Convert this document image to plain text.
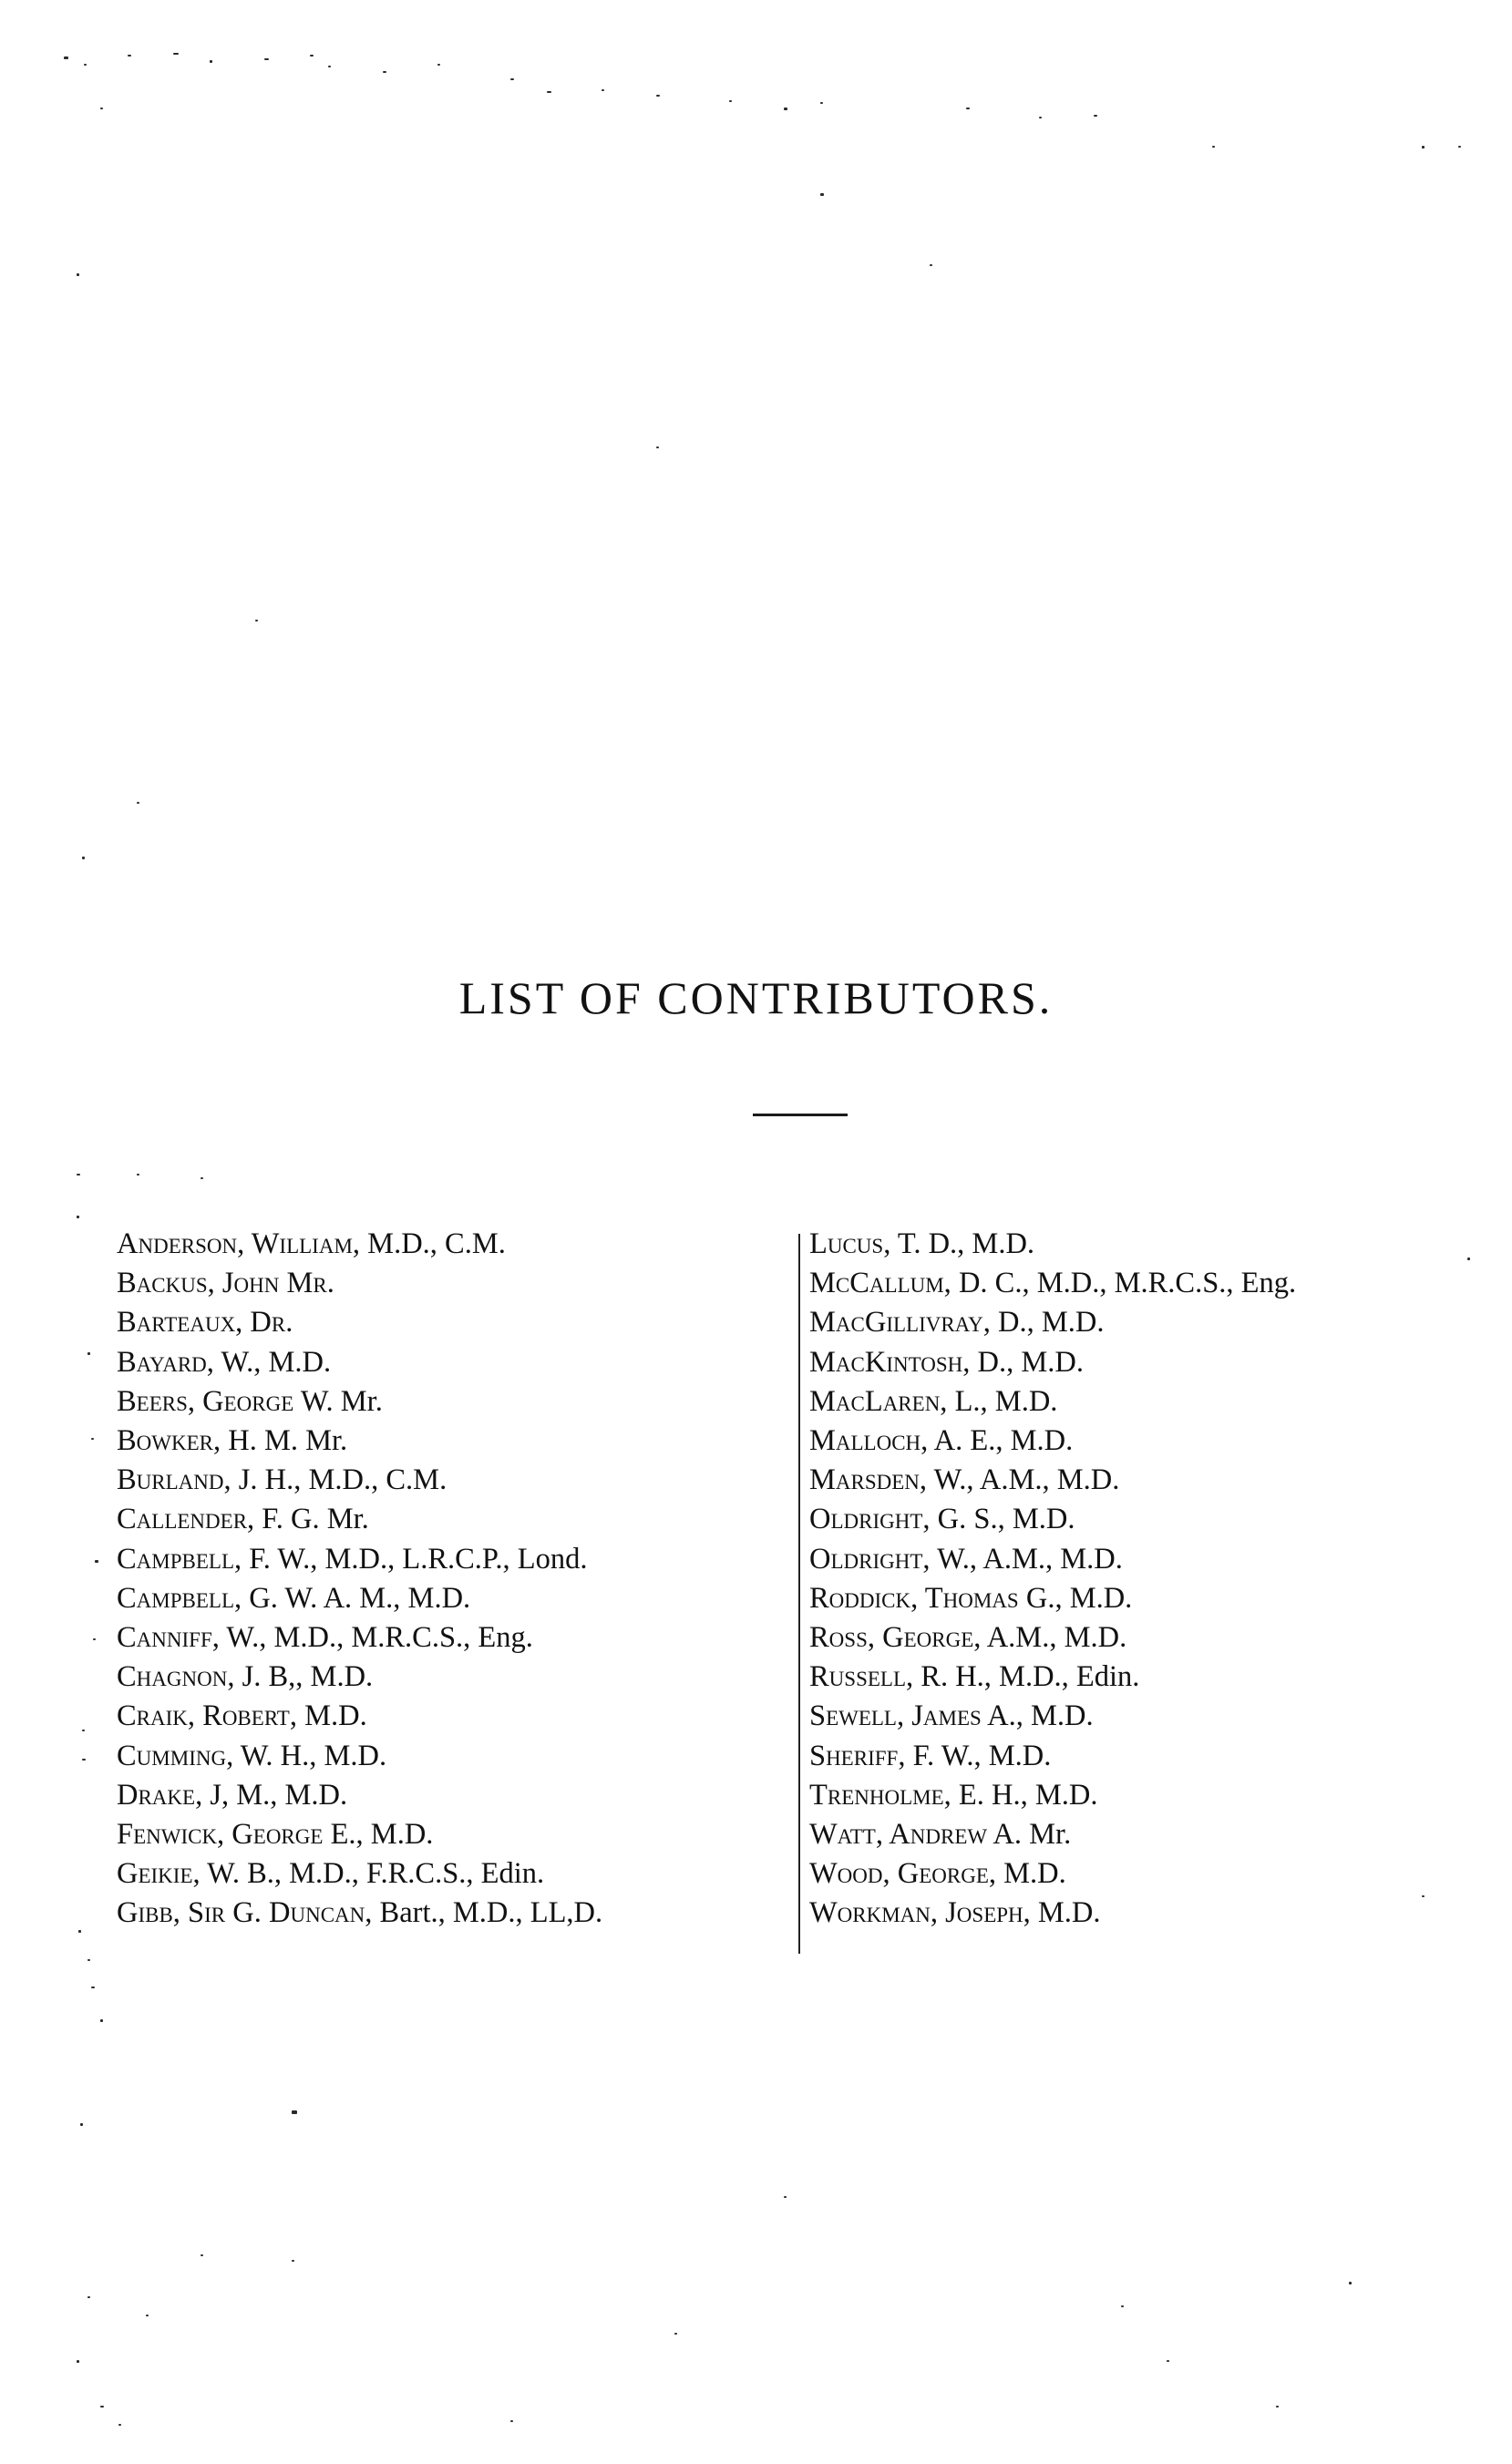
LIST OF CONTRIBUTORS.
Anderson, William, M.D., C.M.
Backus, John Mr.
Barteaux, Dr.
Bayard, W., M.D.
Beers, George W. Mr.
Bowker, H. M. Mr.
Burland, J. H., M.D., C.M.
Callender, F. G. Mr.
Campbell, F. W., M.D., L.R.C.P., Lond.
Campbell, G. W. A. M., M.D.
Canniff, W., M.D., M.R.C.S., Eng.
Chagnon, J. B,, M.D.
Craik, Robert, M.D.
Cumming, W. H., M.D.
Drake, J, M., M.D.
Fenwick, George E., M.D.
Geikie, W. B., M.D., F.R.C.S., Edin.
Gibb, Sir G. Duncan, Bart., M.D., LL,D.
Lucus, T. D., M.D.
McCallum, D. C., M.D., M.R.C.S., Eng.
MacGillivray, D., M.D.
MacKintosh, D., M.D.
MacLaren, L., M.D.
Malloch, A. E., M.D.
Marsden, W., A.M., M.D.
Oldright, G. S., M.D.
Oldright, W., A.M., M.D.
Roddick, Thomas G., M.D.
Ross, George, A.M., M.D.
Russell, R. H., M.D., Edin.
Sewell, James A., M.D.
Sheriff, F. W., M.D.
Trenholme, E. H., M.D.
Watt, Andrew A. Mr.
Wood, George, M.D.
Workman, Joseph, M.D.
